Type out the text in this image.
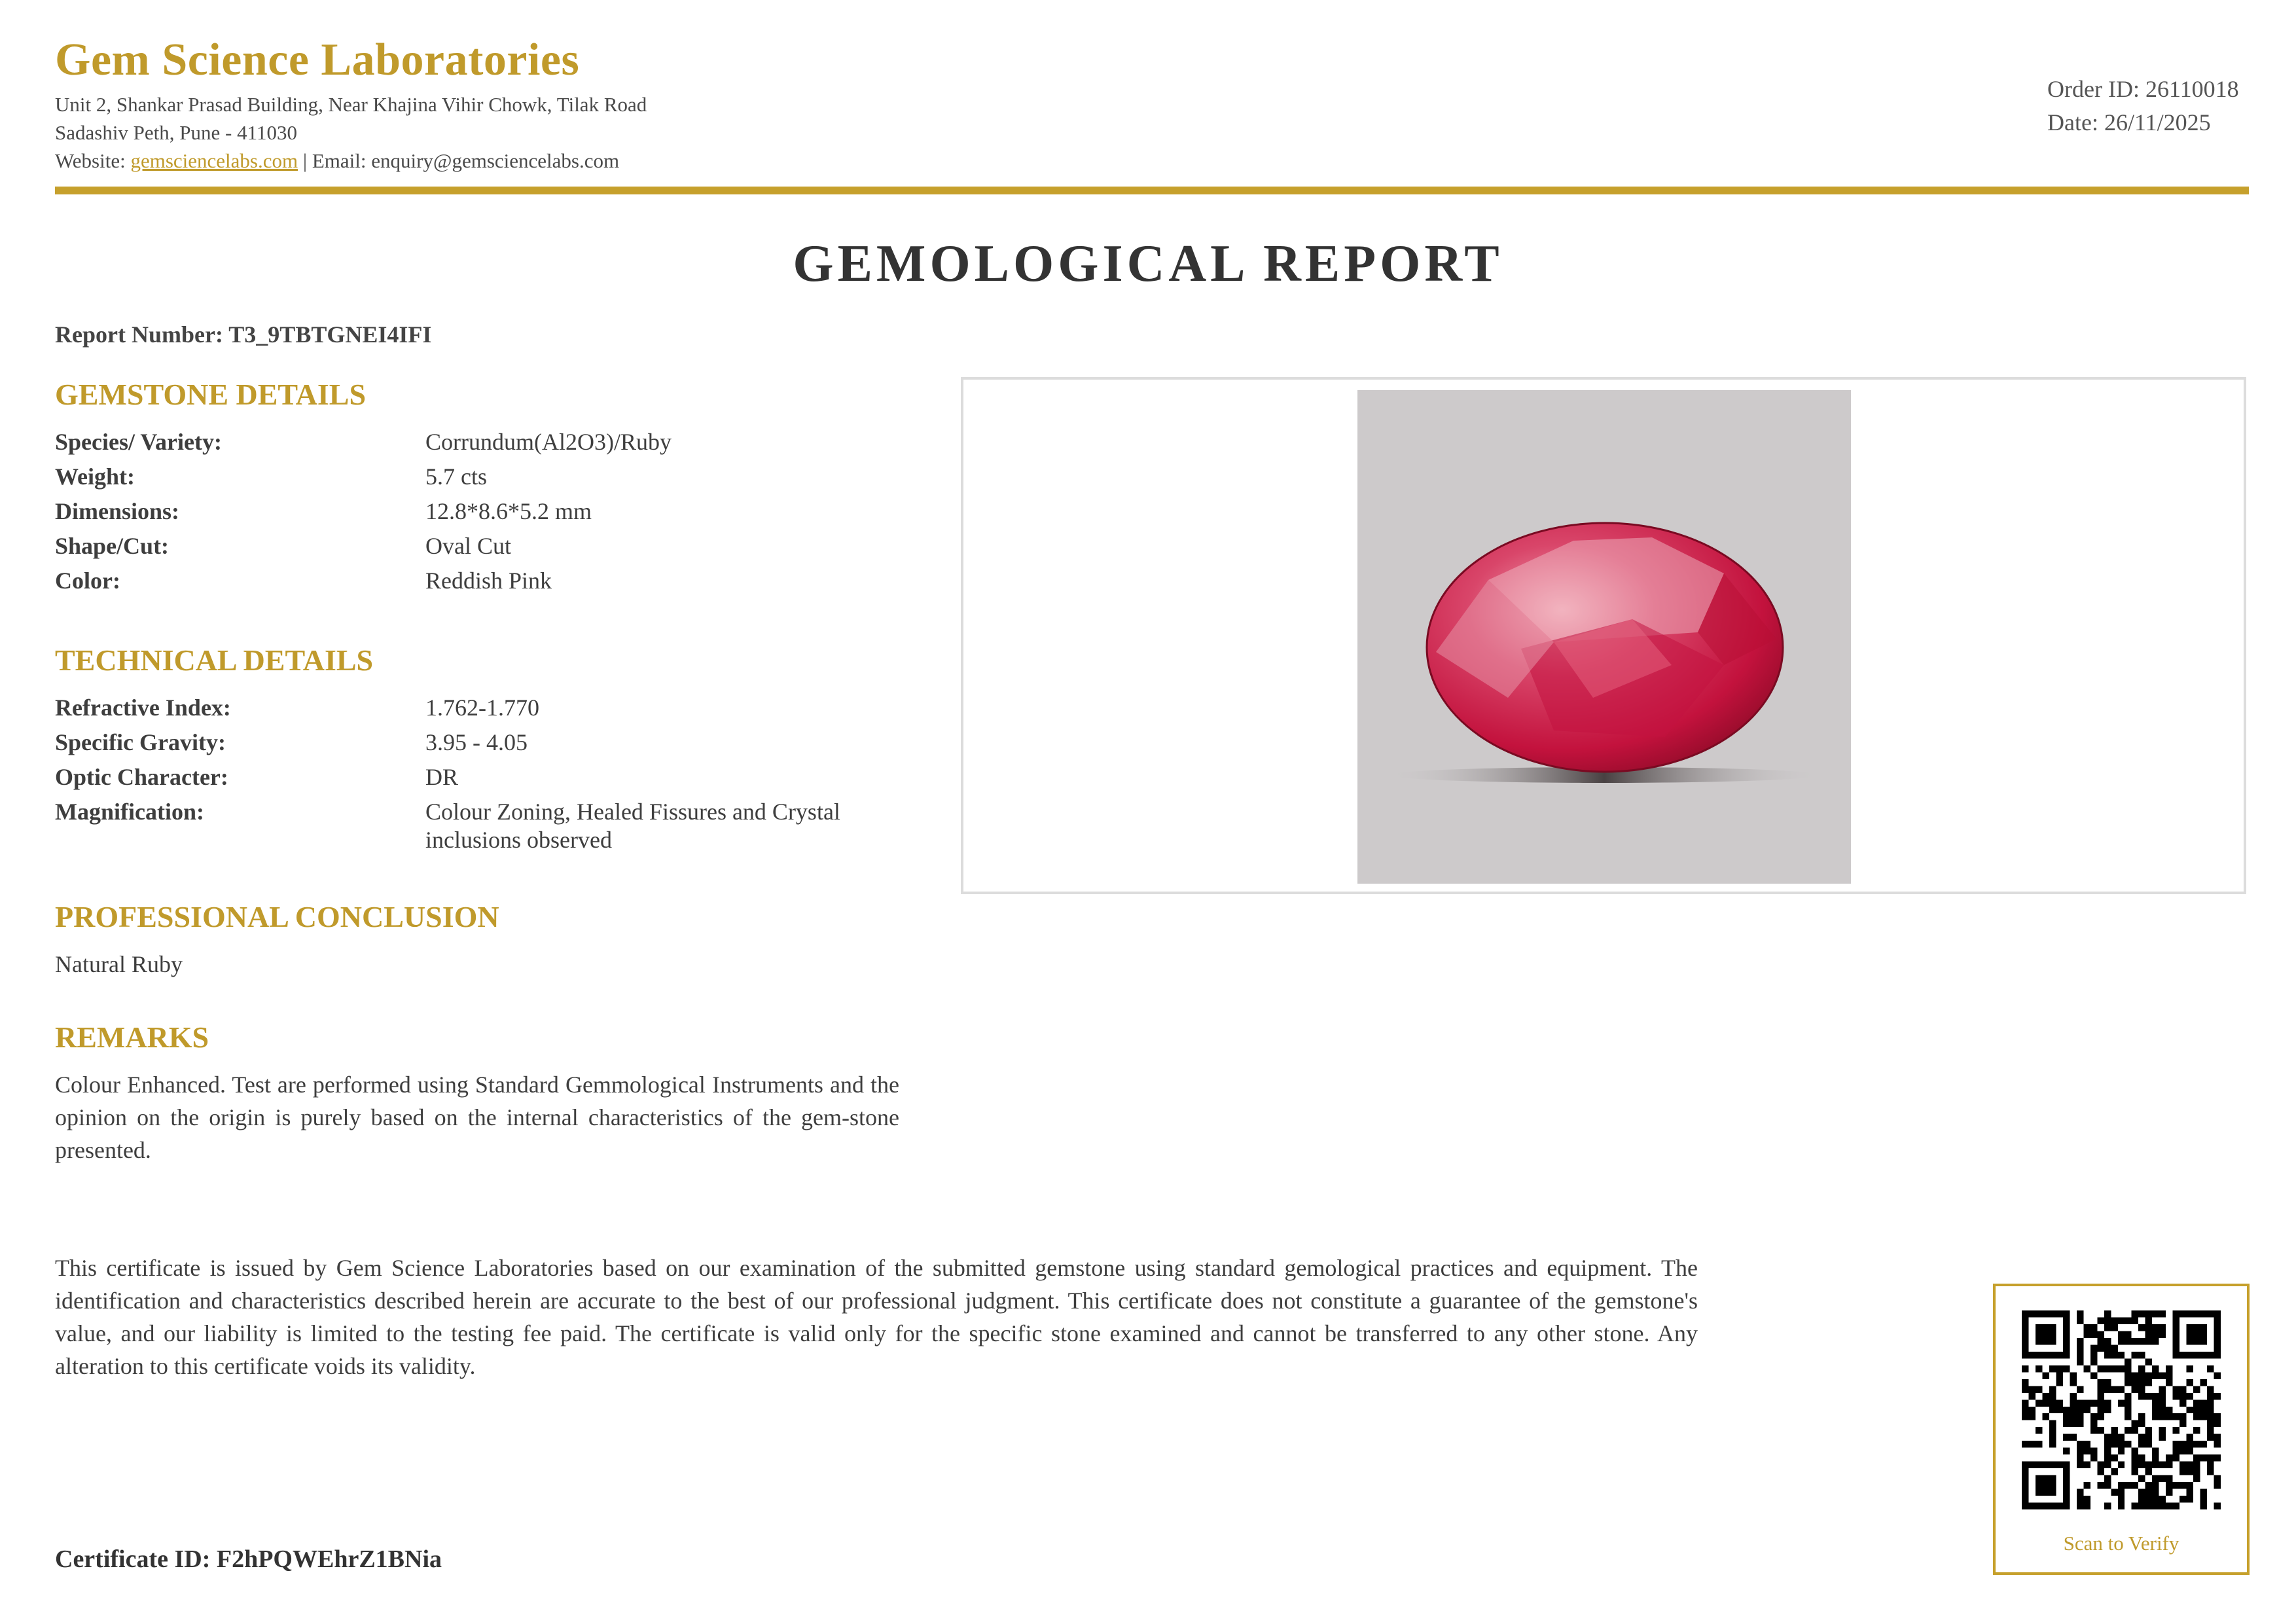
Gem Science Laboratories
Unit 2, Shankar Prasad Building, Near Khajina Vihir Chowk, Tilak Road
Sadashiv Peth, Pune - 411030
Website: gemsciencelabs.com | Email: enquiry@gemsciencelabs.com
Order ID: 26110018
Date: 26/11/2025
GEMOLOGICAL REPORT
Report Number: T3_9TBTGNEI4IFI
GEMSTONE DETAILS
Species/ Variety:	Corrundum(Al2O3)/Ruby
Weight:	5.7 cts
Dimensions:	12.8*8.6*5.2 mm
Shape/Cut:	Oval Cut
Color:	Reddish Pink
TECHNICAL DETAILS
Refractive Index:	1.762-1.770
Specific Gravity:	3.95 - 4.05
Optic Character:	DR
Magnification:	Colour Zoning, Healed Fissures and Crystal
inclusions observed
PROFESSIONAL CONCLUSION
Natural Ruby
REMARKS
Colour Enhanced. Test are performed using Standard Gemmological Instruments and the opinion on the origin is purely based on the internal characteristics of the gem-stone presented.
This certificate is issued by Gem Science Laboratories based on our examination of the submitted gemstone using standard gemological practices and equipment. The identification and characteristics described herein are accurate to the best of our professional judgment. This certificate does not constitute a guarantee of the gemstone's value, and our liability is limited to the testing fee paid. The certificate is valid only for the specific stone examined and cannot be transferred to any other stone. Any alteration to this certificate voids its validity.
Certificate ID: F2hPQWEhrZ1BNia
Scan to Verify
